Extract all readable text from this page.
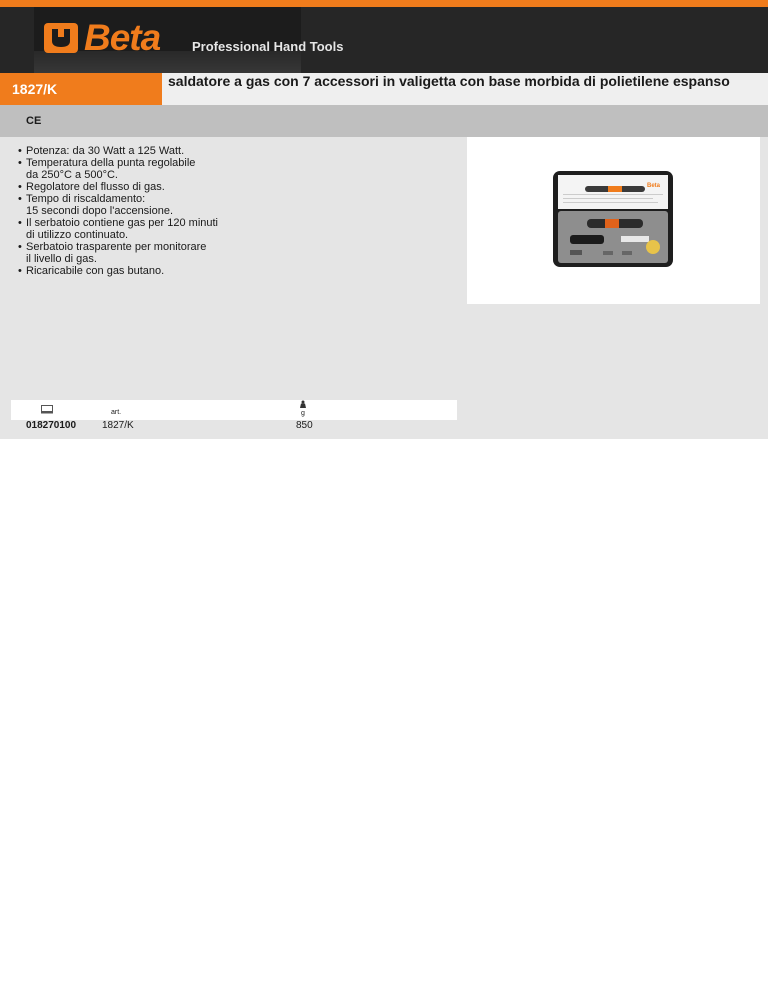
Beta Professional Hand Tools
1827/K	saldatore a gas con 7 accessori in valigetta con base morbida di polietilene espanso
CE
• Potenza: da 30 Watt a 125 Watt.
• Temperatura della punta regolabile
da 250°C a 500°C.
• Regolatore del flusso di gas.
• Tempo di riscaldamento:
15 secondi dopo l'accensione.
• Il serbatoio contiene gas per 120 minuti
di utilizzo continuato.
• Serbatoio trasparente per monitorare
il livello di gas.
• Ricaricabile con gas butano.
Beta
art.	g
018270100	1827/K	850
